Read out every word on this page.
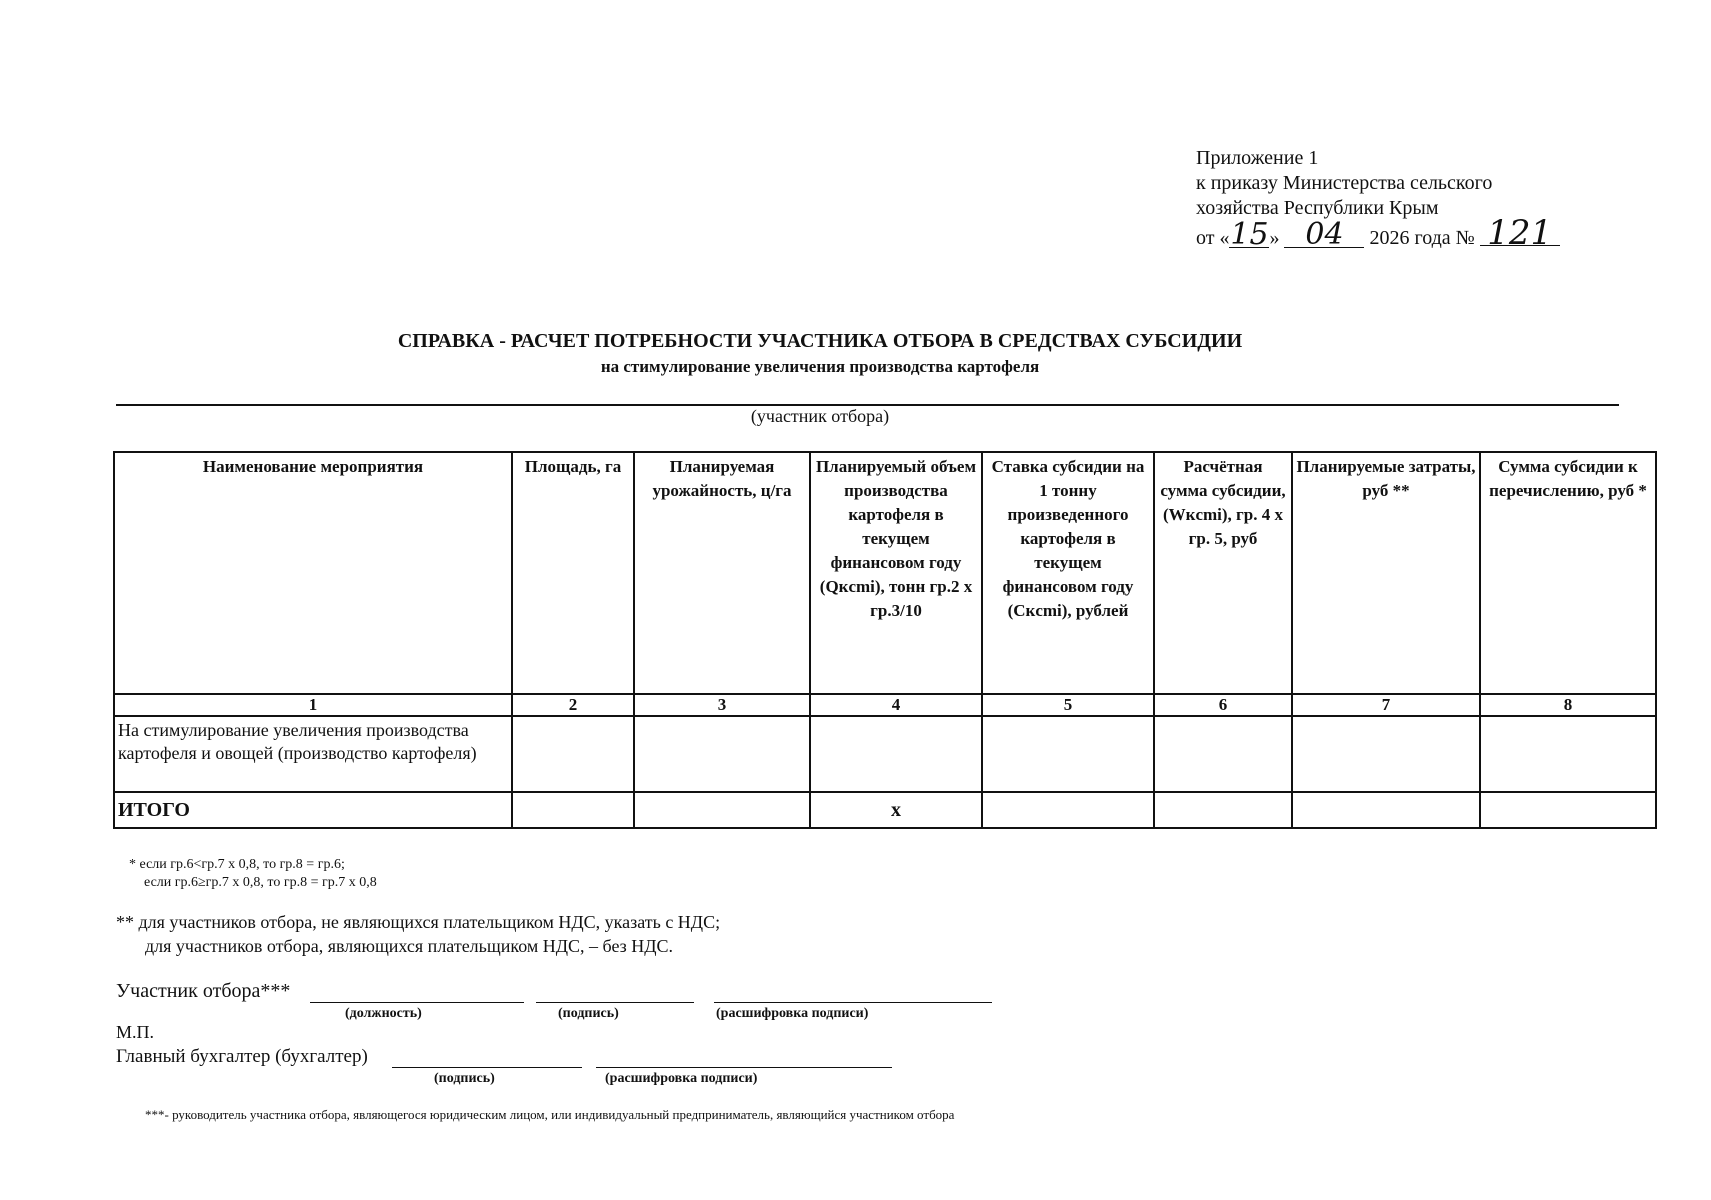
Приложение 1
к приказу Министерства сельского
хозяйства Республики Крым
от «15» 04 2026 года № 121
СПРАВКА - РАСЧЕТ ПОТРЕБНОСТИ УЧАСТНИКА ОТБОРА В СРЕДСТВАХ СУБСИДИИ
на стимулирование увеличения производства картофеля
(участник отбора)
Наименование мероприятия	Площадь, га	Планируемая урожайность, ц/га	Планируемый объем производства картофеля в текущем финансовом году (Qкcmi), тонн гр.2 х гр.3/10	Ставка субсидии на 1 тонну произведенного картофеля в текущем финансовом году (Скcmi), рублей	Расчётная сумма субсидии, (Wкcmi), гр. 4 х гр. 5, руб	Планируемые затраты, руб **	Сумма субсидии к перечислению, руб *
1	2	3	4	5	6	7	8
На стимулирование увеличения производства картофеля и овощей (производство картофеля)							
ИТОГО			х				
* если гр.6<гр.7 х 0,8, то гр.8 = гр.6;
если гр.6≥гр.7 х 0,8, то гр.8 = гр.7 х 0,8
** для участников отбора, не являющихся плательщиком НДС, указать с НДС;
для участников отбора, являющихся плательщиком НДС, – без НДС.
Участник отбора***
(должность)	(подпись)	(расшифровка подписи)
М.П.
Главный бухгалтер (бухгалтер)
(подпись)	(расшифровка подписи)
***- руководитель участника отбора, являющегося юридическим лицом, или индивидуальный предприниматель, являющийся участником отбора
